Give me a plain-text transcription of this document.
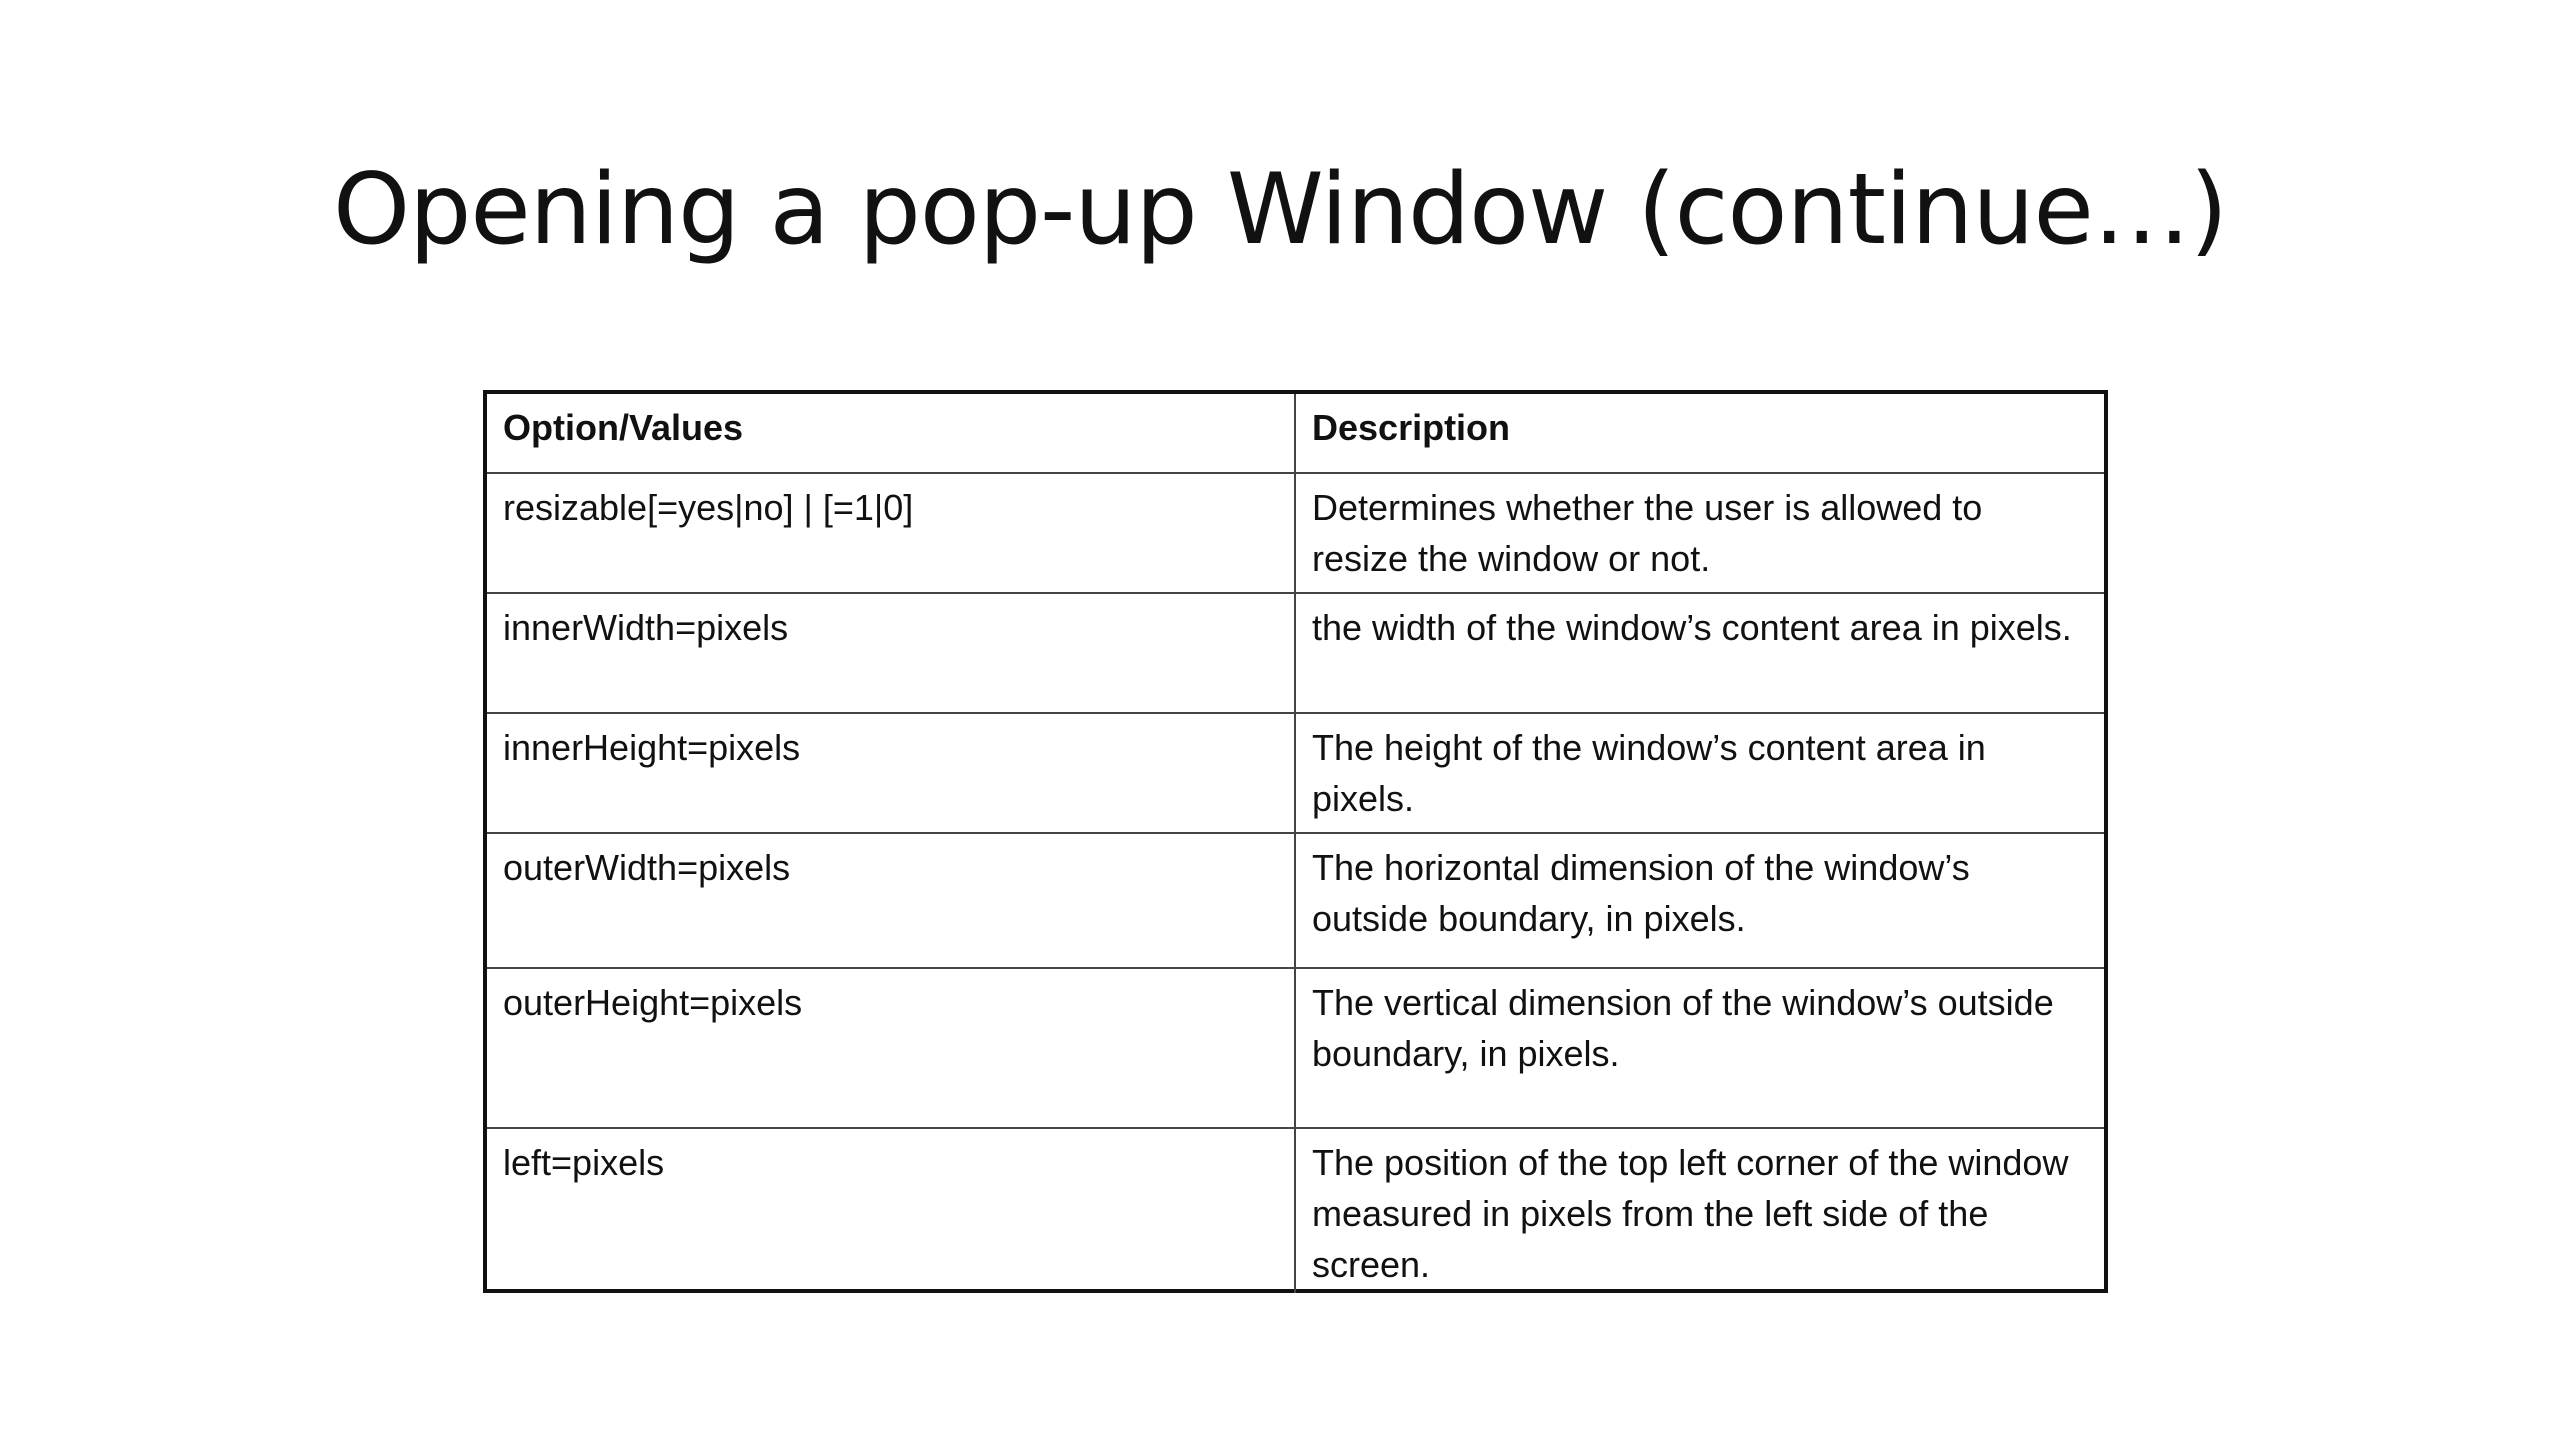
Opening a pop-up Window (continue…)
Option/Values	Description
resizable[=yes|no] | [=1|0]	Determines whether the user is allowed to resize the window or not.
innerWidth=pixels	the width of the window’s content area in pixels.
innerHeight=pixels	The height of the window’s content area in pixels.
outerWidth=pixels	The horizontal dimension of the window’s outside boundary, in pixels.
outerHeight=pixels	The vertical dimension of the window’s outside boundary, in pixels.
left=pixels	The position of the top left corner of the window measured in pixels from the left side of the screen.
